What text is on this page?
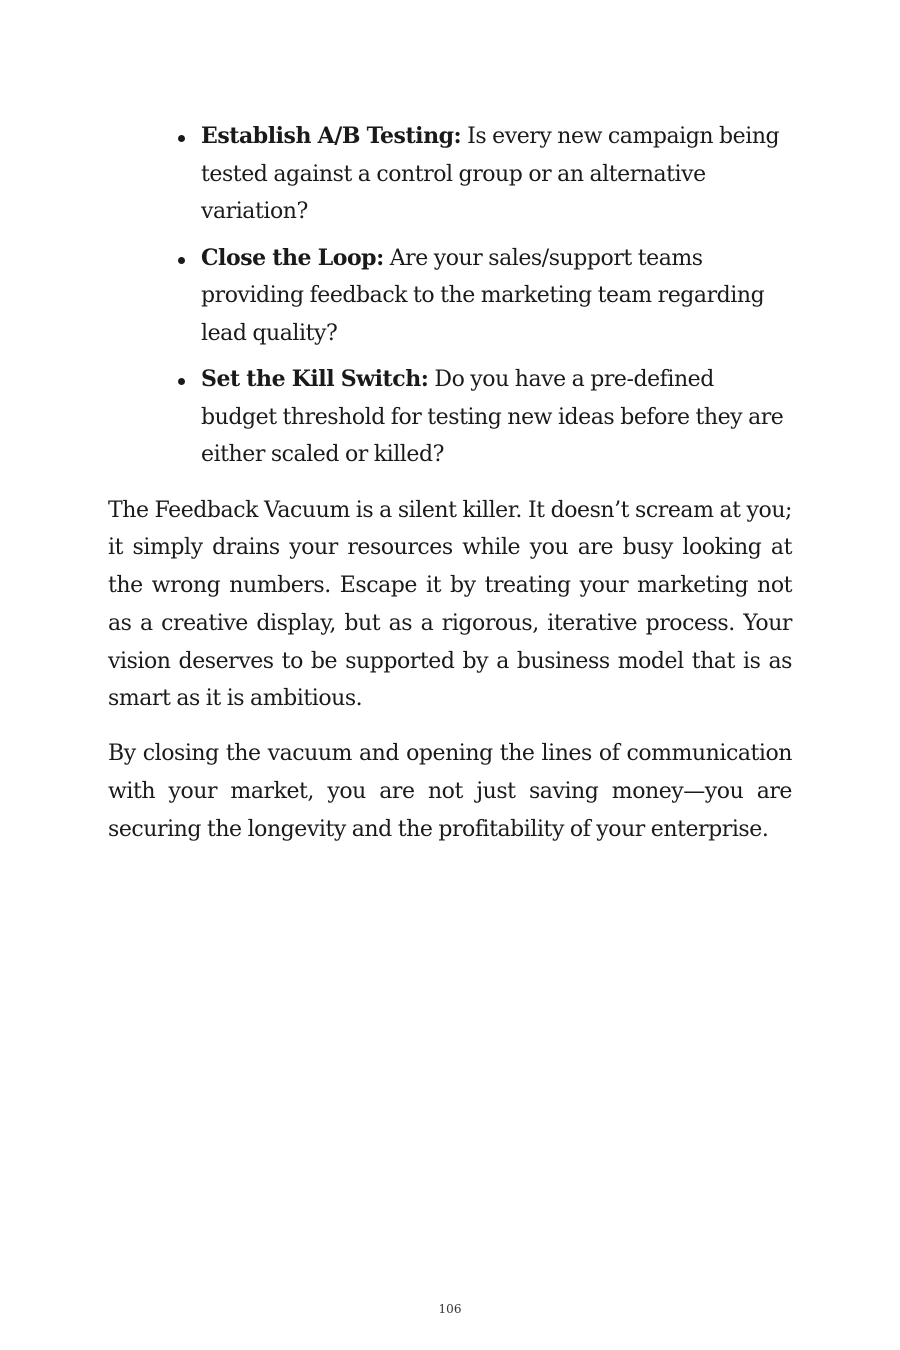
Establish A/B Testing: Is every new campaign being tested against a control group or an alternative variation?
Close the Loop: Are your sales/support teams providing feedback to the marketing team regarding lead quality?
Set the Kill Switch: Do you have a pre-defined budget threshold for testing new ideas before they are either scaled or killed?

The Feedback Vacuum is a silent killer. It doesn’t scream at you; it simply drains your resources while you are busy looking at the wrong numbers. Escape it by treating your marketing not as a creative display, but as a rigorous, iterative process. Your vision deserves to be supported by a business model that is as smart as it is ambitious.

By closing the vacuum and opening the lines of communication with your market, you are not just saving money—you are securing the longevity and the profitability of your enterprise.

106
